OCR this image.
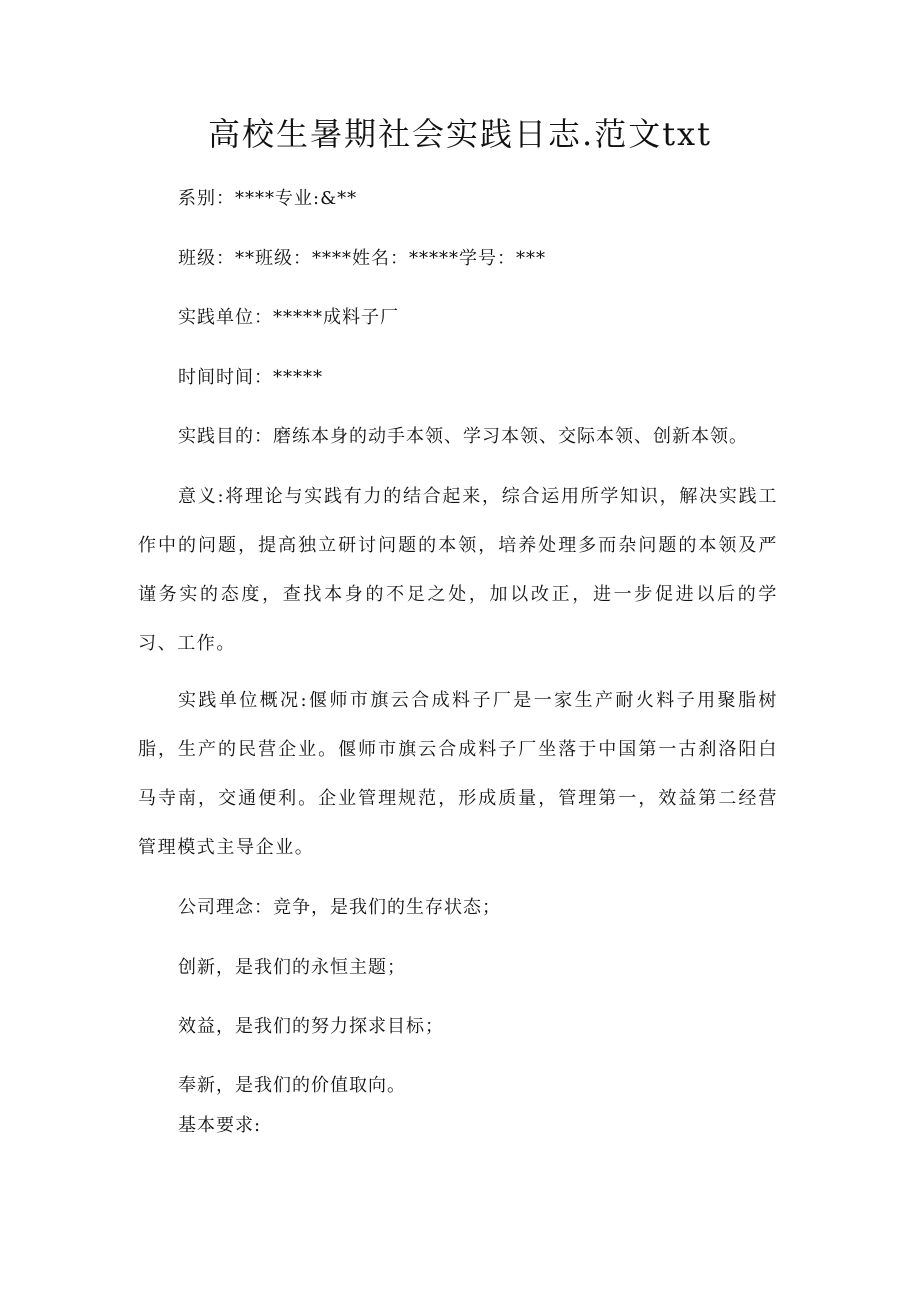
高校生暑期社会实践日志.范文txt

系别：****专业:&**

班级：**班级：****姓名：*****学号：***

实践单位：*****成料子厂

时间时间：*****

实践目的：磨练本身的动手本领、学习本领、交际本领、创新本领。

意义:将理论与实践有力的结合起来，综合运用所学知识，解决实践工作中的问题，提高独立研讨问题的本领，培养处理多而杂问题的本领及严谨务实的态度，查找本身的不足之处，加以改正，进一步促进以后的学习、工作。

实践单位概况:偃师市旗云合成料子厂是一家生产耐火料子用聚脂树脂，生产的民营企业。偃师市旗云合成料子厂坐落于中国第一古刹洛阳白马寺南，交通便利。企业管理规范，形成质量，管理第一，效益第二经营管理模式主导企业。

公司理念：竞争，是我们的生存状态；

创新，是我们的永恒主题；

效益，是我们的努力探求目标；

奉新，是我们的价值取向。

基本要求:
